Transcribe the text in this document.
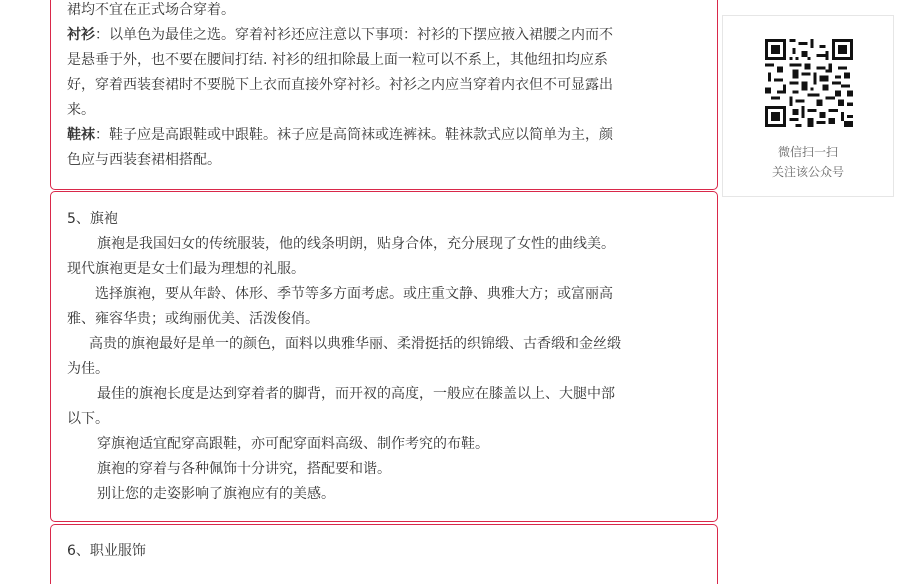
裙均不宜在正式场合穿着。
衬衫：以单色为最佳之选。穿着衬衫还应注意以下事项：衬衫的下摆应掖入裙腰之内而不
是悬垂于外，也不要在腰间打结. 衬衫的纽扣除最上面一粒可以不系上，其他纽扣均应系
好，穿着西装套裙时不要脱下上衣而直接外穿衬衫。衬衫之内应当穿着内衣但不可显露出
来。
鞋袜：鞋子应是高跟鞋或中跟鞋。袜子应是高筒袜或连裤袜。鞋袜款式应以简单为主，颜
色应与西装套裙相搭配。
5、旗袍
旗袍是我国妇女的传统服装，他的线条明朗，贴身合体，充分展现了女性的曲线美。
现代旗袍更是女士们最为理想的礼服。
选择旗袍，要从年龄、体形、季节等多方面考虑。或庄重文静、典雅大方；或富丽高
雅、雍容华贵；或绚丽优美、活泼俊俏。
高贵的旗袍最好是单一的颜色，面料以典雅华丽、柔滑挺括的织锦缎、古香缎和金丝缎
为佳。
最佳的旗袍长度是达到穿着者的脚背，而开衩的高度，一般应在膝盖以上、大腿中部
以下。
穿旗袍适宜配穿高跟鞋，亦可配穿面料高级、制作考究的布鞋。
旗袍的穿着与各种佩饰十分讲究，搭配要和谐。
别让您的走姿影响了旗袍应有的美感。
6、职业服饰
微信扫一扫
关注该公众号
